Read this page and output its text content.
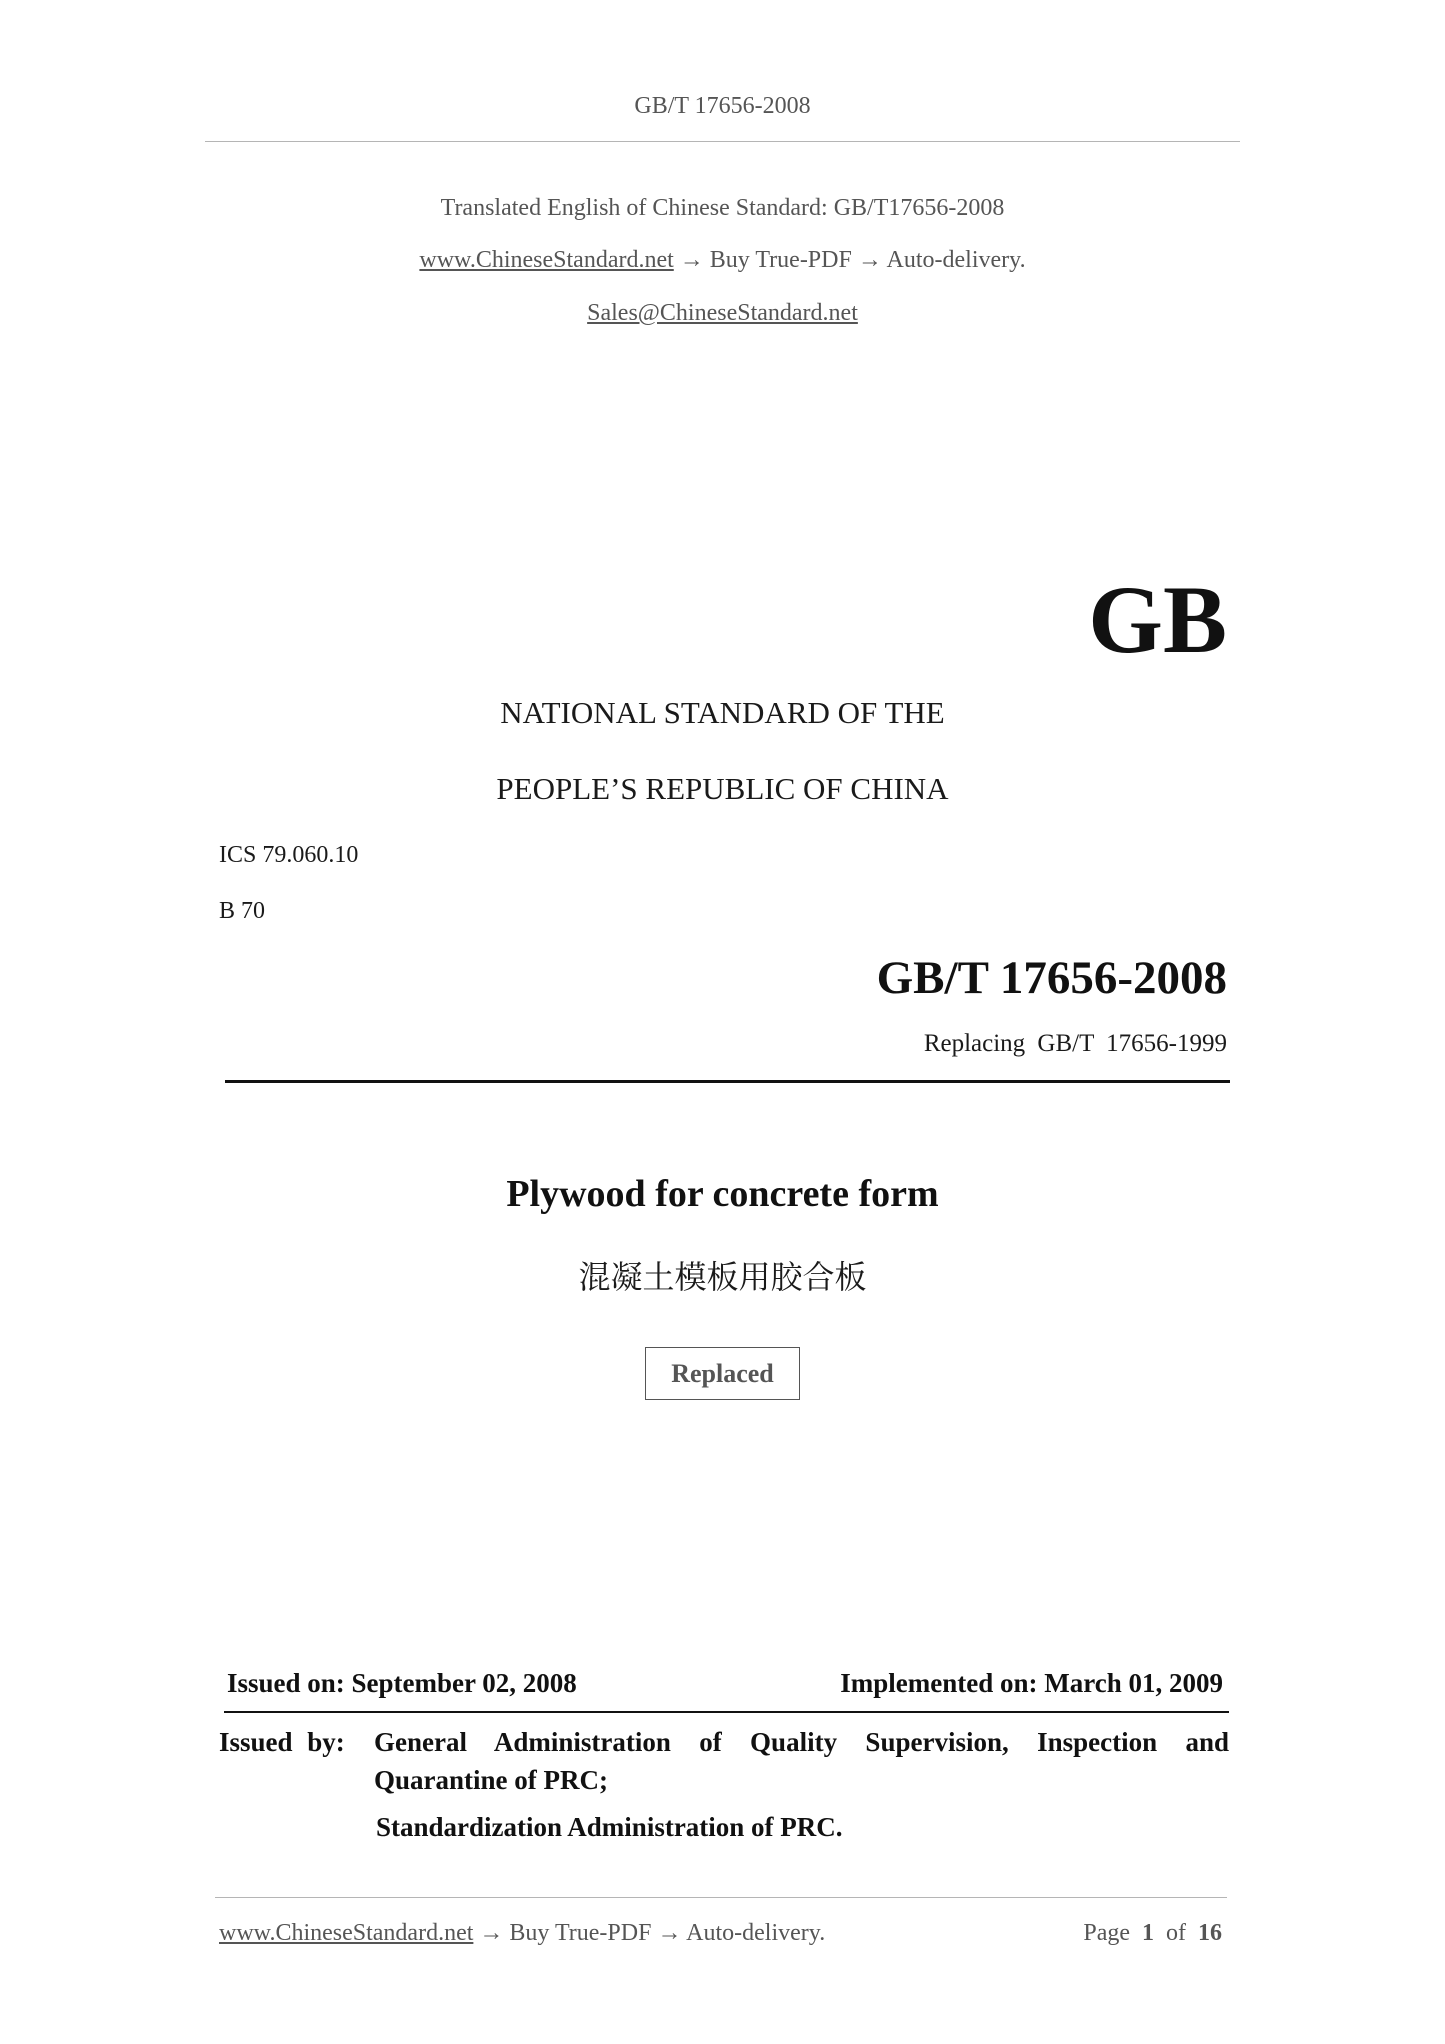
GB/T 17656-2008
Translated English of Chinese Standard: GB/T17656-2008
www.ChineseStandard.net → Buy True-PDF → Auto-delivery.
Sales@ChineseStandard.net
GB
NATIONAL STANDARD OF THE
PEOPLE’S REPUBLIC OF CHINA
ICS 79.060.10
B 70
GB/T 17656-2008
Replacing GB/T 17656-1999
Plywood for concrete form
混凝土模板用胶合板
Replaced
Issued on: September 02, 2008	Implemented on: March 01, 2009
Issued by: General Administration of Quality Supervision, Inspection and
Quarantine of PRC;
Standardization Administration of PRC.
www.ChineseStandard.net → Buy True-PDF → Auto-delivery.	Page 1 of 16
